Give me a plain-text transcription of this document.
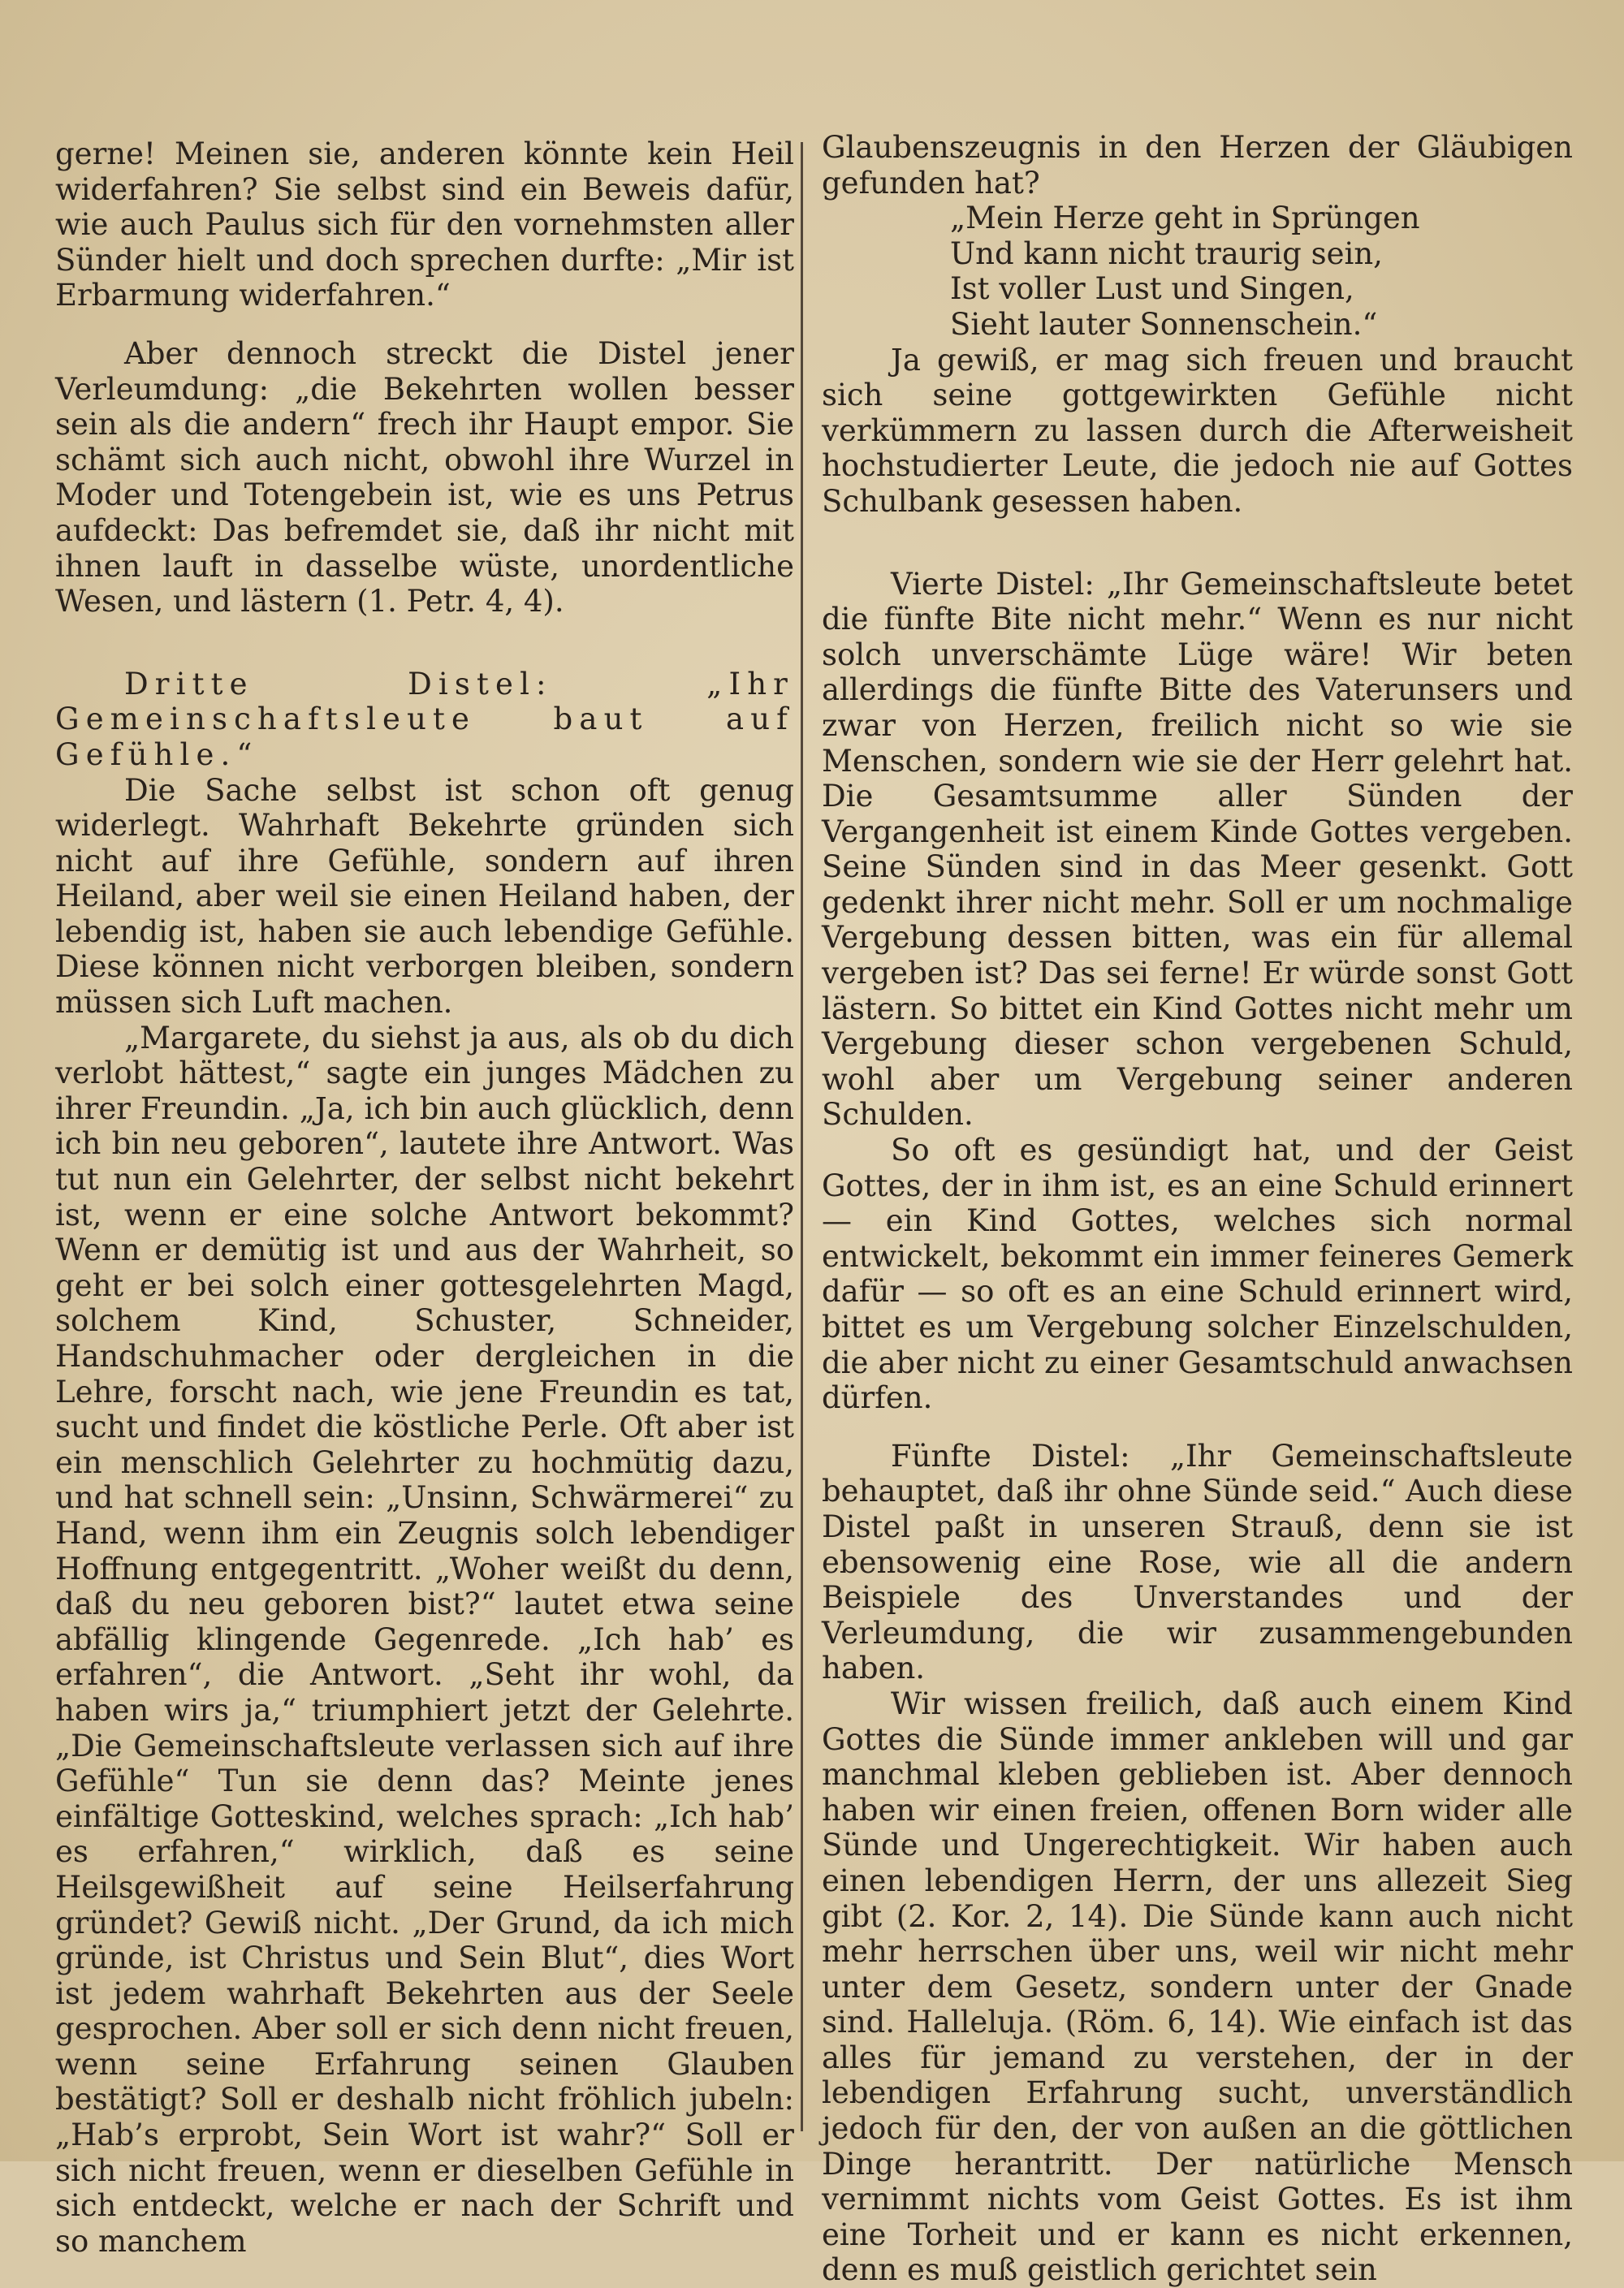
gerne! Meinen sie, anderen könnte kein Heil widerfahren? Sie selbst sind ein Beweis dafür, wie auch Paulus sich für den vornehmsten aller Sünder hielt und doch sprechen durfte: „Mir ist Erbarmung widerfahren.“

Aber dennoch streckt die Distel jener Verleumdung: „die Bekehrten wollen besser sein als die andern“ frech ihr Haupt empor. Sie schämt sich auch nicht, obwohl ihre Wurzel in Moder und Totengebein ist, wie es uns Petrus aufdeckt: Das befremdet sie, daß ihr nicht mit ihnen lauft in dasselbe wüste, unordentliche Wesen, und lästern (1. Petr. 4, 4).

Dritte Distel: „Ihr Gemeinschaftsleute baut auf Gefühle.“

Die Sache selbst ist schon oft genug widerlegt. Wahrhaft Bekehrte gründen sich nicht auf ihre Gefühle, sondern auf ihren Heiland, aber weil sie einen Heiland haben, der lebendig ist, haben sie auch lebendige Gefühle. Diese können nicht verborgen bleiben, sondern müssen sich Luft machen.

„Margarete, du siehst ja aus, als ob du dich verlobt hättest,“ sagte ein junges Mädchen zu ihrer Freundin. „Ja, ich bin auch glücklich, denn ich bin neu geboren“, lautete ihre Antwort. Was tut nun ein Gelehrter, der selbst nicht bekehrt ist, wenn er eine solche Antwort bekommt? Wenn er demütig ist und aus der Wahrheit, so geht er bei solch einer gottesgelehrten Magd, solchem Kind, Schuster, Schneider, Handschuhmacher oder dergleichen in die Lehre, forscht nach, wie jene Freundin es tat, sucht und findet die köstliche Perle. Oft aber ist ein menschlich Gelehrter zu hochmütig dazu, und hat schnell sein: „Unsinn, Schwärmerei“ zu Hand, wenn ihm ein Zeugnis solch lebendiger Hoffnung entgegentritt. „Woher weißt du denn, daß du neu geboren bist?“ lautet etwa seine abfällig klingende Gegenrede. „Ich hab’ es erfahren“, die Antwort. „Seht ihr wohl, da haben wirs ja,“ triumphiert jetzt der Gelehrte. „Die Gemeinschaftsleute verlassen sich auf ihre Gefühle“ Tun sie denn das? Meinte jenes einfältige Gotteskind, welches sprach: „Ich hab’ es erfahren,“ wirklich, daß es seine Heilsgewißheit auf seine Heilserfahrung gründet? Gewiß nicht. „Der Grund, da ich mich gründe, ist Christus und Sein Blut“, dies Wort ist jedem wahrhaft Bekehrten aus der Seele gesprochen. Aber soll er sich denn nicht freuen, wenn seine Erfahrung seinen Glauben bestätigt? Soll er deshalb nicht fröhlich jubeln: „Hab’s erprobt, Sein Wort ist wahr?“ Soll er sich nicht freuen, wenn er dieselben Gefühle in sich entdeckt, welche er nach der Schrift und so manchem

Glaubenszeugnis in den Herzen der Gläubigen gefunden hat?

„Mein Herze geht in Sprüngen
Und kann nicht traurig sein,
Ist voller Lust und Singen,
Sieht lauter Sonnenschein.“

Ja gewiß, er mag sich freuen und braucht sich seine gottgewirkten Gefühle nicht verkümmern zu lassen durch die Afterweisheit hochstudierter Leute, die jedoch nie auf Gottes Schulbank gesessen haben.

Vierte Distel: „Ihr Gemeinschaftsleute betet die fünfte Bite nicht mehr.“ Wenn es nur nicht solch unverschämte Lüge wäre! Wir beten allerdings die fünfte Bitte des Vaterunsers und zwar von Herzen, freilich nicht so wie sie Menschen, sondern wie sie der Herr gelehrt hat. Die Gesamtsumme aller Sünden der Vergangenheit ist einem Kinde Gottes vergeben. Seine Sünden sind in das Meer gesenkt. Gott gedenkt ihrer nicht mehr. Soll er um nochmalige Vergebung dessen bitten, was ein für allemal vergeben ist? Das sei ferne! Er würde sonst Gott lästern. So bittet ein Kind Gottes nicht mehr um Vergebung dieser schon vergebenen Schuld, wohl aber um Vergebung seiner anderen Schulden.

So oft es gesündigt hat, und der Geist Gottes, der in ihm ist, es an eine Schuld erinnert — ein Kind Gottes, welches sich normal entwickelt, bekommt ein immer feineres Gemerk dafür — so oft es an eine Schuld erinnert wird, bittet es um Vergebung solcher Einzelschulden, die aber nicht zu einer Gesamtschuld anwachsen dürfen.

Fünfte Distel: „Ihr Gemeinschaftsleute behauptet, daß ihr ohne Sünde seid.“ Auch diese Distel paßt in unseren Strauß, denn sie ist ebensowenig eine Rose, wie all die andern Beispiele des Unverstandes und der Verleumdung, die wir zusammengebunden haben.

Wir wissen freilich, daß auch einem Kind Gottes die Sünde immer ankleben will und gar manchmal kleben geblieben ist. Aber dennoch haben wir einen freien, offenen Born wider alle Sünde und Ungerechtigkeit. Wir haben auch einen lebendigen Herrn, der uns allezeit Sieg gibt (2. Kor. 2, 14). Die Sünde kann auch nicht mehr herrschen über uns, weil wir nicht mehr unter dem Gesetz, sondern unter der Gnade sind. Halleluja. (Röm. 6, 14). Wie einfach ist das alles für jemand zu verstehen, der in der lebendigen Erfahrung sucht, unverständlich jedoch für den, der von außen an die göttlichen Dinge herantritt. Der natürliche Mensch vernimmt nichts vom Geist Gottes. Es ist ihm eine Torheit und er kann es nicht erkennen, denn es muß geistlich gerichtet sein
